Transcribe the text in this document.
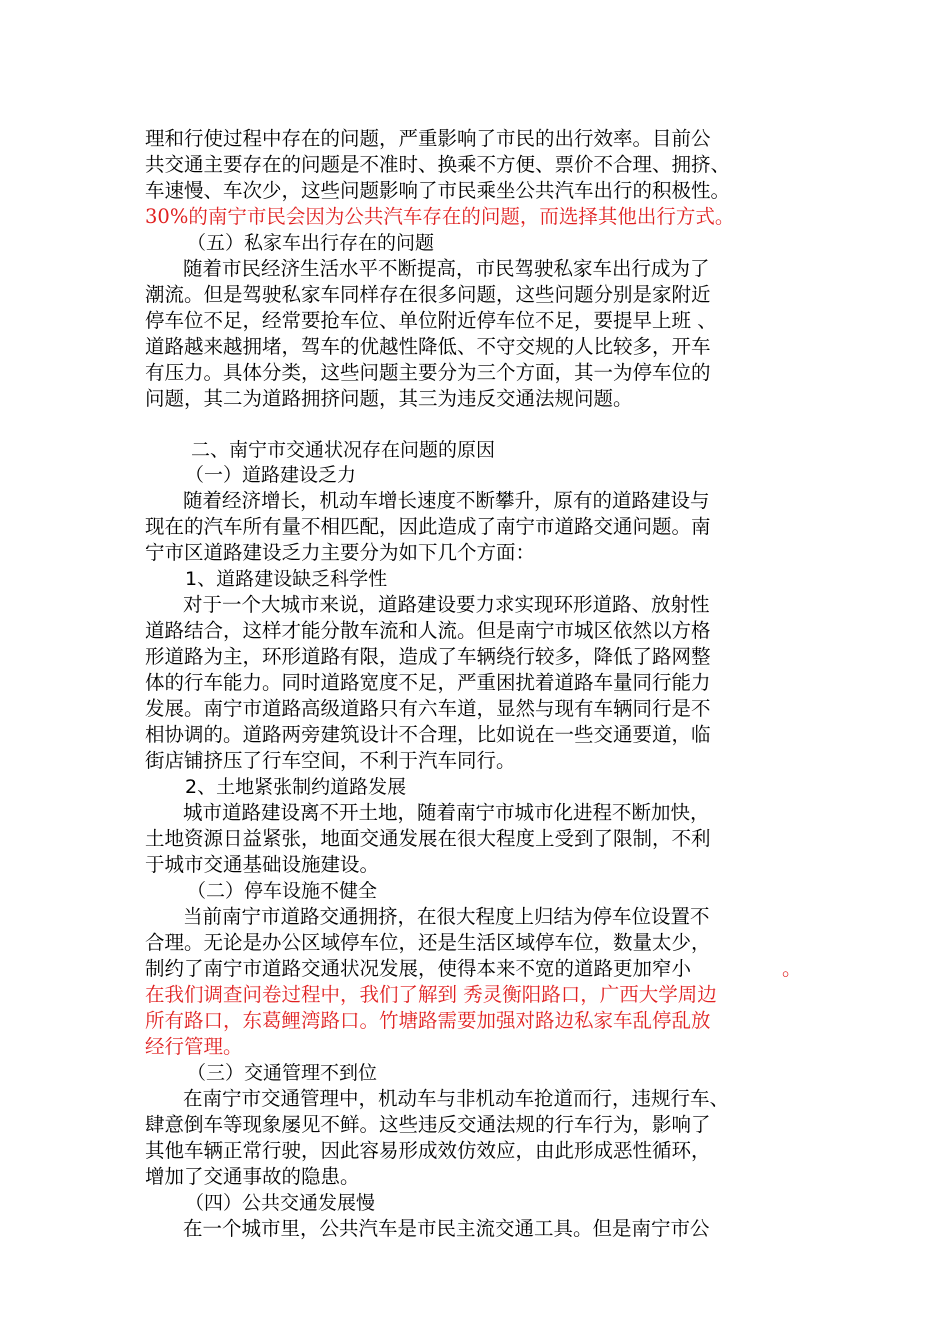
理和行使过程中存在的问题，严重影响了市民的出行效率。目前公
共交通主要存在的问题是不准时、换乘不方便、票价不合理、拥挤、
车速慢、车次少，这些问题影响了市民乘坐公共汽车出行的积极性。
30%的南宁市民会因为公共汽车存在的问题，而选择其他出行方式。
（五）私家车出行存在的问题
随着市民经济生活水平不断提高，市民驾驶私家车出行成为了
潮流。但是驾驶私家车同样存在很多问题，这些问题分别是家附近
停车位不足，经常要抢车位、单位附近停车位不足，要提早上班 、
道路越来越拥堵，驾车的优越性降低、不守交规的人比较多，开车
有压力。具体分类，这些问题主要分为三个方面，其一为停车位的
问题，其二为道路拥挤问题，其三为违反交通法规问题。
二、南宁市交通状况存在问题的原因
（一）道路建设乏力
随着经济增长，机动车增长速度不断攀升，原有的道路建设与
现在的汽车所有量不相匹配，因此造成了南宁市道路交通问题。南
宁市区道路建设乏力主要分为如下几个方面：
1、道路建设缺乏科学性
对于一个大城市来说，道路建设要力求实现环形道路、放射性
道路结合，这样才能分散车流和人流。但是南宁市城区依然以方格
形道路为主，环形道路有限，造成了车辆绕行较多，降低了路网整
体的行车能力。同时道路宽度不足，严重困扰着道路车量同行能力
发展。南宁市道路高级道路只有六车道，显然与现有车辆同行是不
相协调的。道路两旁建筑设计不合理，比如说在一些交通要道，临
街店铺挤压了行车空间，不利于汽车同行。
2、土地紧张制约道路发展
城市道路建设离不开土地，随着南宁市城市化进程不断加快，
土地资源日益紧张，地面交通发展在很大程度上受到了限制，不利
于城市交通基础设施建设。
（二）停车设施不健全
当前南宁市道路交通拥挤，在很大程度上归结为停车位设置不
合理。无论是办公区域停车位，还是生活区域停车位，数量太少，
制约了南宁市道路交通状况发展，使得本来不宽的道路更加窄小	。
在我们调查问卷过程中，我们了解到 秀灵衡阳路口，广西大学周边
所有路口，东葛鲤湾路口。竹塘路需要加强对路边私家车乱停乱放
经行管理。
（三）交通管理不到位
在南宁市交通管理中，机动车与非机动车抢道而行，违规行车、
肆意倒车等现象屡见不鲜。这些违反交通法规的行车行为，影响了
其他车辆正常行驶，因此容易形成效仿效应，由此形成恶性循环，
增加了交通事故的隐患。
（四）公共交通发展慢
在一个城市里，公共汽车是市民主流交通工具。但是南宁市公
